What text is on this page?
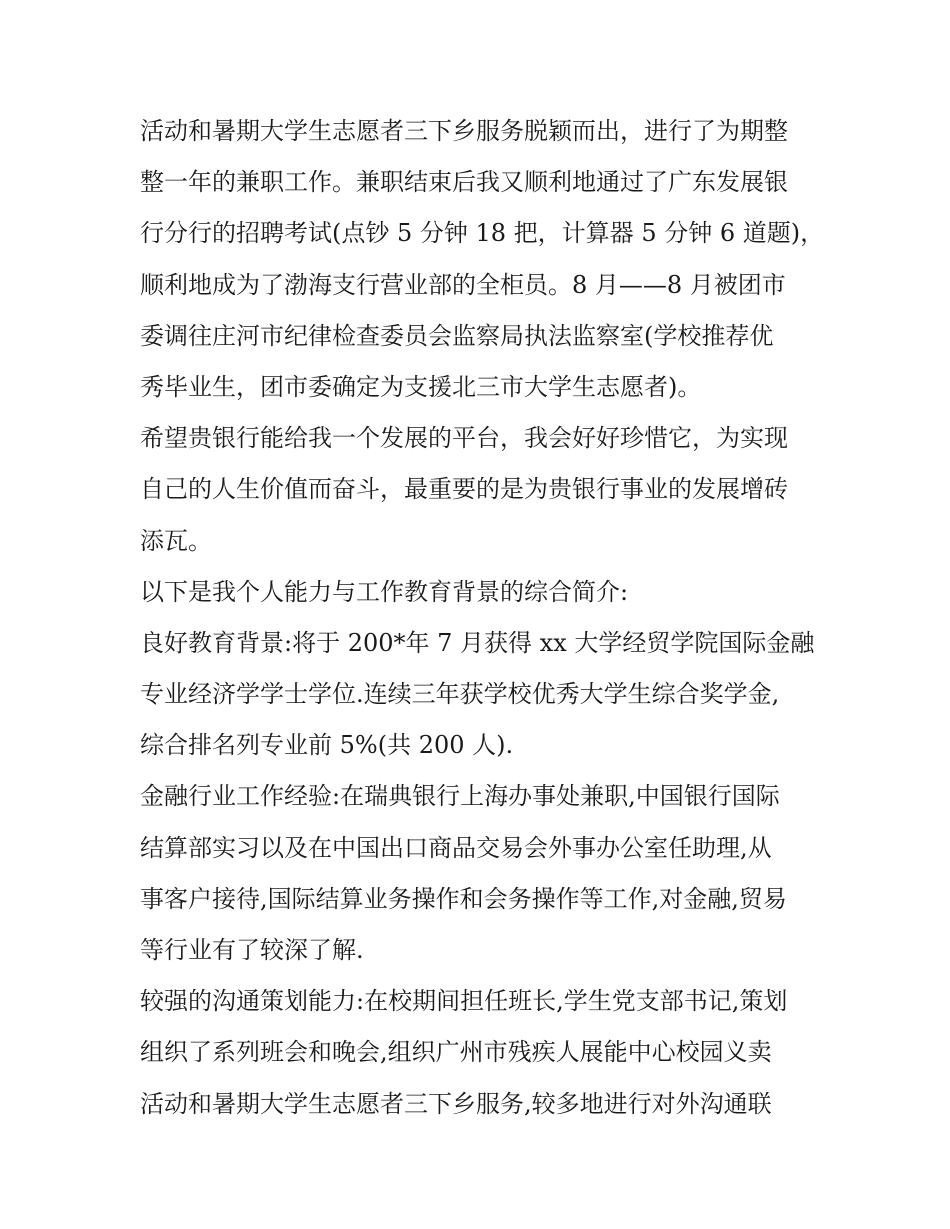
活动和暑期大学生志愿者三下乡服务脱颖而出，进行了为期整
整一年的兼职工作。兼职结束后我又顺利地通过了广东发展银
行分行的招聘考试(点钞 5 分钟 18 把，计算器 5 分钟 6 道题)，
顺利地成为了渤海支行营业部的全柜员。8 月——8 月被团市
委调往庄河市纪律检查委员会监察局执法监察室(学校推荐优
秀毕业生，团市委确定为支援北三市大学生志愿者)。
希望贵银行能给我一个发展的平台，我会好好珍惜它，为实现
自己的人生价值而奋斗，最重要的是为贵银行事业的发展增砖
添瓦。
以下是我个人能力与工作教育背景的综合简介:
良好教育背景:将于 200*年 7 月获得 xx 大学经贸学院国际金融
专业经济学学士学位.连续三年获学校优秀大学生综合奖学金,
综合排名列专业前 5%(共 200 人).
金融行业工作经验:在瑞典银行上海办事处兼职,中国银行国际
结算部实习以及在中国出口商品交易会外事办公室任助理,从
事客户接待,国际结算业务操作和会务操作等工作,对金融,贸易
等行业有了较深了解.
较强的沟通策划能力:在校期间担任班长,学生党支部书记,策划
组织了系列班会和晚会,组织广州市残疾人展能中心校园义卖
活动和暑期大学生志愿者三下乡服务,较多地进行对外沟通联
